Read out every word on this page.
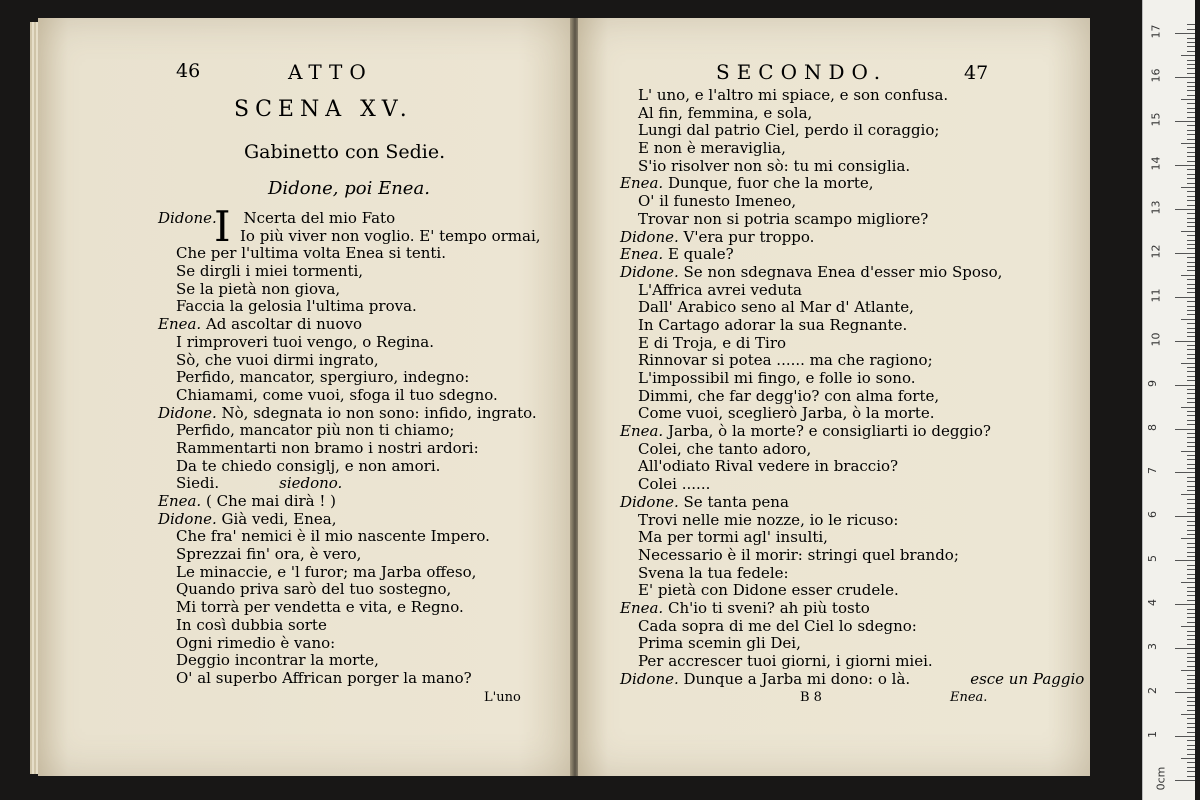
46	ATTO
SCENA XV.
Gabinetto con Sedie.
Didone, poi Enea.
I
Didone. Ncerta del mio Fato
Io più viver non voglio. E' tempo ormai,
Che per l'ultima volta Enea si tenti.
Se dirgli i miei tormenti,
Se la pietà non giova,
Faccia la gelosia l'ultima prova.
Enea. Ad ascoltar di nuovo
I rimproveri tuoi vengo, o Regina.
Sò, che vuoi dirmi ingrato,
Perfido, mancator, spergiuro, indegno:
Chiamami, come vuoi, sfoga il tuo sdegno.
Didone. Nò, sdegnata io non sono: infido, ingrato.
Perfido, mancator più non ti chiamo;
Rammentarti non bramo i nostri ardori:
Da te chiedo consiglj, e non amori.
Siedi.	siedono.
Enea. ( Che mai dirà ! )
Didone. Già vedi, Enea,
Che fra' nemici è il mio nascente Impero.
Sprezzai fin' ora, è vero,
Le minaccie, e 'l furor; ma Jarba offeso,
Quando priva sarò del tuo sostegno,
Mi torrà per vendetta e vita, e Regno.
In così dubbia sorte
Ogni rimedio è vano:
Deggio incontrar la morte,
O' al superbo Affrican porger la mano?
L'uno
SECONDO.	47
L' uno, e l'altro mi spiace, e son confusa.
Al fin, femmina, e sola,
Lungi dal patrio Ciel, perdo il coraggio;
E non è meraviglia,
S'io risolver non sò: tu mi consiglia.
Enea. Dunque, fuor che la morte,
O' il funesto Imeneo,
Trovar non si potria scampo migliore?
Didone. V'era pur troppo.
Enea. E quale?
Didone. Se non sdegnava Enea d'esser mio Sposo,
L'Affrica avrei veduta
Dall' Arabico seno al Mar d' Atlante,
In Cartago adorar la sua Regnante.
E di Troja, e di Tiro
Rinnovar si potea ...... ma che ragiono;
L'impossibil mi fingo, e folle io sono.
Dimmi, che far degg'io? con alma forte,
Come vuoi, sceglierò Jarba, ò la morte.
Enea. Jarba, ò la morte? e consigliarti io deggio?
Colei, che tanto adoro,
All'odiato Rival vedere in braccio?
Colei ......
Didone. Se tanta pena
Trovi nelle mie nozze, io le ricuso:
Ma per tormi agl' insulti,
Necessario è il morir: stringi quel brando;
Svena la tua fedele:
E' pietà con Didone esser crudele.
Enea. Ch'io ti sveni? ah più tosto
Cada sopra di me del Ciel lo sdegno:
Prima scemin gli Dei,
Per accrescer tuoi giorni, i giorni miei.
Didone. Dunque a Jarba mi dono: o là.	esce un Paggio
B 8	Enea.
0cm
1
2
3
4
5
6
7
8
9
10
11
12
13
14
15
16
17
